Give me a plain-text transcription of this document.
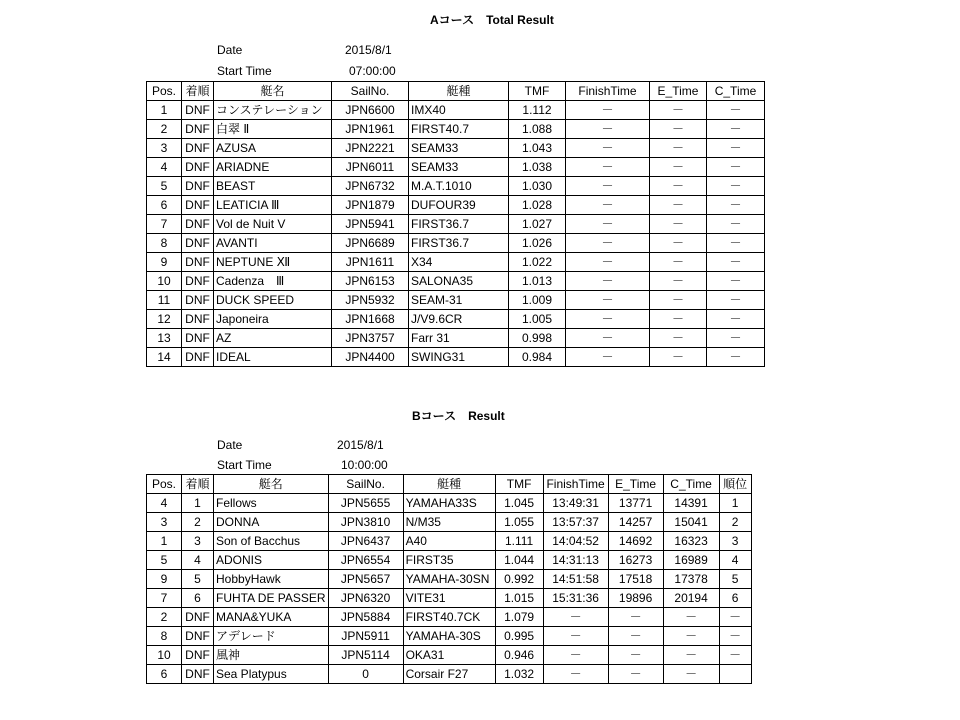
Aコース　Total Result
Date	2015/8/1
Start Time	07:00:00
Pos.	着順	艇名	SailNo.	艇種	TMF	FinishTime	E_Time	C_Time
1	DNF	コンステレーション	JPN6600	IMX40	1.112	－	－	－
2	DNF	白翠 Ⅱ	JPN1961	FIRST40.7	1.088	－	－	－
3	DNF	AZUSA	JPN2221	SEAM33	1.043	－	－	－
4	DNF	ARIADNE	JPN6011	SEAM33	1.038	－	－	－
5	DNF	BEAST	JPN6732	M.A.T.1010	1.030	－	－	－
6	DNF	LEATICIA Ⅲ	JPN1879	DUFOUR39	1.028	－	－	－
7	DNF	Vol de Nuit V	JPN5941	FIRST36.7	1.027	－	－	－
8	DNF	AVANTI	JPN6689	FIRST36.7	1.026	－	－	－
9	DNF	NEPTUNE Ⅻ	JPN1611	X34	1.022	－	－	－
10	DNF	Cadenza　Ⅲ	JPN6153	SALONA35	1.013	－	－	－
11	DNF	DUCK SPEED	JPN5932	SEAM-31	1.009	－	－	－
12	DNF	Japoneira	JPN1668	J/V9.6CR	1.005	－	－	－
13	DNF	AZ	JPN3757	Farr 31	0.998	－	－	－
14	DNF	IDEAL	JPN4400	SWING31	0.984	－	－	－
Bコース　Result
Date	2015/8/1
Start Time	10:00:00
Pos.	着順	艇名	SailNo.	艇種	TMF	FinishTime	E_Time	C_Time	順位
4	1	Fellows	JPN5655	YAMAHA33S	1.045	13:49:31	13771	14391	1
3	2	DONNA	JPN3810	N/M35	1.055	13:57:37	14257	15041	2
1	3	Son of Bacchus	JPN6437	A40	1.111	14:04:52	14692	16323	3
5	4	ADONIS	JPN6554	FIRST35	1.044	14:31:13	16273	16989	4
9	5	HobbyHawk	JPN5657	YAMAHA-30SN	0.992	14:51:58	17518	17378	5
7	6	FUHTA DE PASSER	JPN6320	VITE31	1.015	15:31:36	19896	20194	6
2	DNF	MANA&YUKA	JPN5884	FIRST40.7CK	1.079	－	－	－	－
8	DNF	アデレード	JPN5911	YAMAHA-30S	0.995	－	－	－	－
10	DNF	風神	JPN5114	OKA31	0.946	－	－	－	－
6	DNF	Sea Platypus	0	Corsair F27	1.032	－	－	－	
